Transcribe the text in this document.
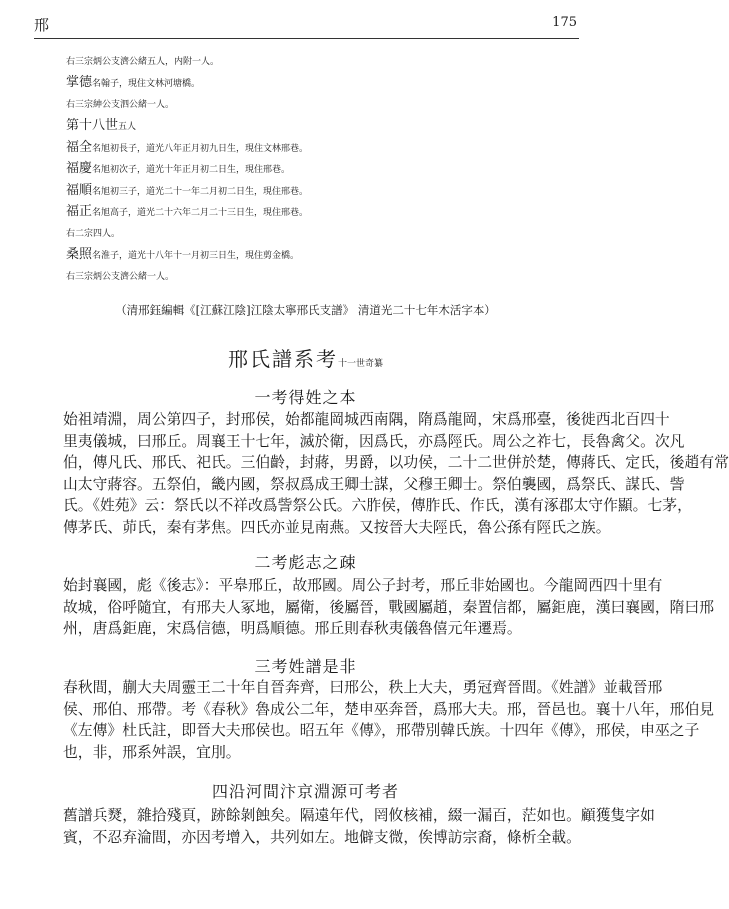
邢	175
右三宗炳公支濟公緒五人，内附一人。
掌德名翰子，現住文林河塘橋。
右三宗紳公支泗公緒一人。
第十八世五人
福全名旭初長子，道光八年正月初九日生，現住文林邢巷。
福慶名旭初次子，道光十年正月初二日生，現住邢巷。
福順名旭初三子，道光二十一年二月初二日生，現住邢巷。
福正名旭高子，道光二十六年二月二十三日生，現住邢巷。
右二宗四人。
桑照名淮子，道光十八年十一月初三日生，現住剪金橋。
右三宗炳公支濟公緒一人。
（清邢鈺編輯《[江蘇江陰]江陰太寧邢氏支譜》 清道光二十七年木活字本）
邢氏譜系考十一世奇纂
一考得姓之本
始祖靖淵，周公第四子，封邢侯，始都龍岡城西南隅，隋爲龍岡，宋爲邢臺，後徙西北百四十
里夷儀城，曰邢丘。周襄王十七年，滅於衛，因爲氏，亦爲陘氏。周公之祚七，長魯禽父。次凡
伯，傳凡氏、邢氏、祀氏。三伯齡，封蔣，男爵，以功侯，二十二世併於楚，傳蔣氏、定氏，後趙有常
山太守蔣容。五祭伯，畿内國，祭叔爲成王卿士謀，父穆王卿士。祭伯襲國，爲祭氏、謀氏、訾
氏。《姓苑》云：祭氏以不祥改爲訾祭公氏。六胙侯，傳胙氏、作氏，漢有涿郡太守作顯。七茅，
傳茅氏、茆氏，秦有茅焦。四氏亦並見南燕。又按晉大夫陘氏，魯公孫有陘氏之族。
二考彪志之疎
始封襄國，彪《後志》：平皋邢丘，故邢國。周公子封考，邢丘非始國也。今龍岡西四十里有
故城，俗呼隨宜，有邢夫人冢地，屬衛，後屬晉，戰國屬趙，秦置信都，屬鉅鹿，漢曰襄國，隋曰邢
州，唐爲鉅鹿，宋爲信德，明爲順德。邢丘則春秋夷儀魯僖元年遷焉。
三考姓譜是非
春秋間，蒯大夫周靈王二十年自晉奔齊，曰邢公，秩上大夫，勇冠齊晉間。《姓譜》並載晉邢
侯、邢伯、邢帶。考《春秋》魯成公二年，楚申巫奔晉，爲邢大夫。邢，晉邑也。襄十八年，邢伯見
《左傳》杜氏註，即晉大夫邢侯也。昭五年《傳》，邢帶別韓氏族。十四年《傳》，邢侯，申巫之子
也，非，邢系舛誤，宜刖。
四沿河間汴京淵源可考者
舊譜兵燹，雜拾殘頁，跡餘剝蝕矣。隔遠年代，罔攸核補，綴一漏百，茫如也。顧獲隻字如
賓，不忍弃淪間，亦因考增入，共列如左。地僻支微，俟博訪宗裔，條析全載。
